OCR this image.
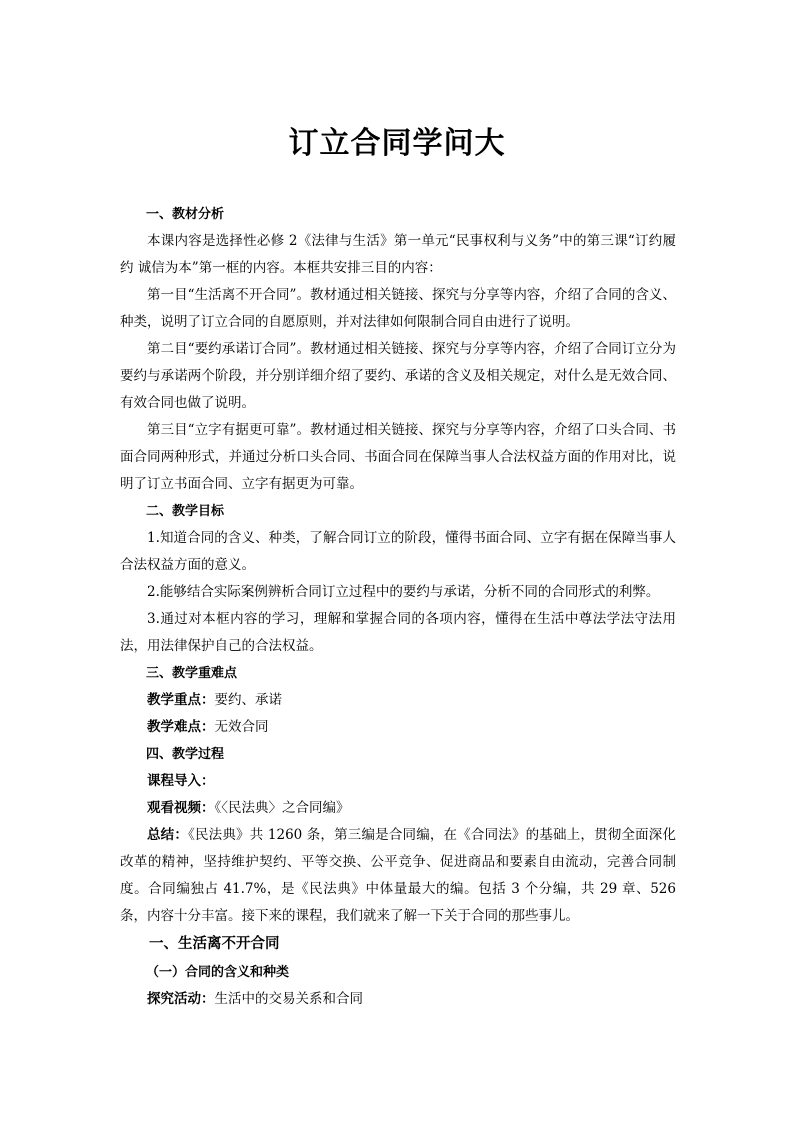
订立合同学问大

一、教材分析

本课内容是选择性必修 2《法律与生活》第一单元“民事权利与义务”中的第三课“订约履约 诚信为本”第一框的内容。本框共安排三目的内容：

第一目“生活离不开合同”。教材通过相关链接、探究与分享等内容，介绍了合同的含义、种类，说明了订立合同的自愿原则，并对法律如何限制合同自由进行了说明。

第二目“要约承诺订合同”。教材通过相关链接、探究与分享等内容，介绍了合同订立分为要约与承诺两个阶段，并分别详细介绍了要约、承诺的含义及相关规定，对什么是无效合同、有效合同也做了说明。

第三目“立字有据更可靠”。教材通过相关链接、探究与分享等内容，介绍了口头合同、书面合同两种形式，并通过分析口头合同、书面合同在保障当事人合法权益方面的作用对比，说明了订立书面合同、立字有据更为可靠。

二、教学目标

1.知道合同的含义、种类，了解合同订立的阶段，懂得书面合同、立字有据在保障当事人合法权益方面的意义。

2.能够结合实际案例辨析合同订立过程中的要约与承诺，分析不同的合同形式的利弊。

3.通过对本框内容的学习，理解和掌握合同的各项内容，懂得在生活中尊法学法守法用法，用法律保护自己的合法权益。

三、教学重难点

教学重点：要约、承诺

教学难点：无效合同

四、教学过程

课程导入：

观看视频：《〈民法典〉之合同编》

总结：《民法典》共 1260 条，第三编是合同编，在《合同法》的基础上，贯彻全面深化改革的精神，坚持维护契约、平等交换、公平竞争、促进商品和要素自由流动，完善合同制度。合同编独占 41.7%，是《民法典》中体量最大的编。包括 3 个分编，共 29 章、526 条，内容十分丰富。接下来的课程，我们就来了解一下关于合同的那些事儿。

一、生活离不开合同

（一）合同的含义和种类

探究活动：生活中的交易关系和合同
